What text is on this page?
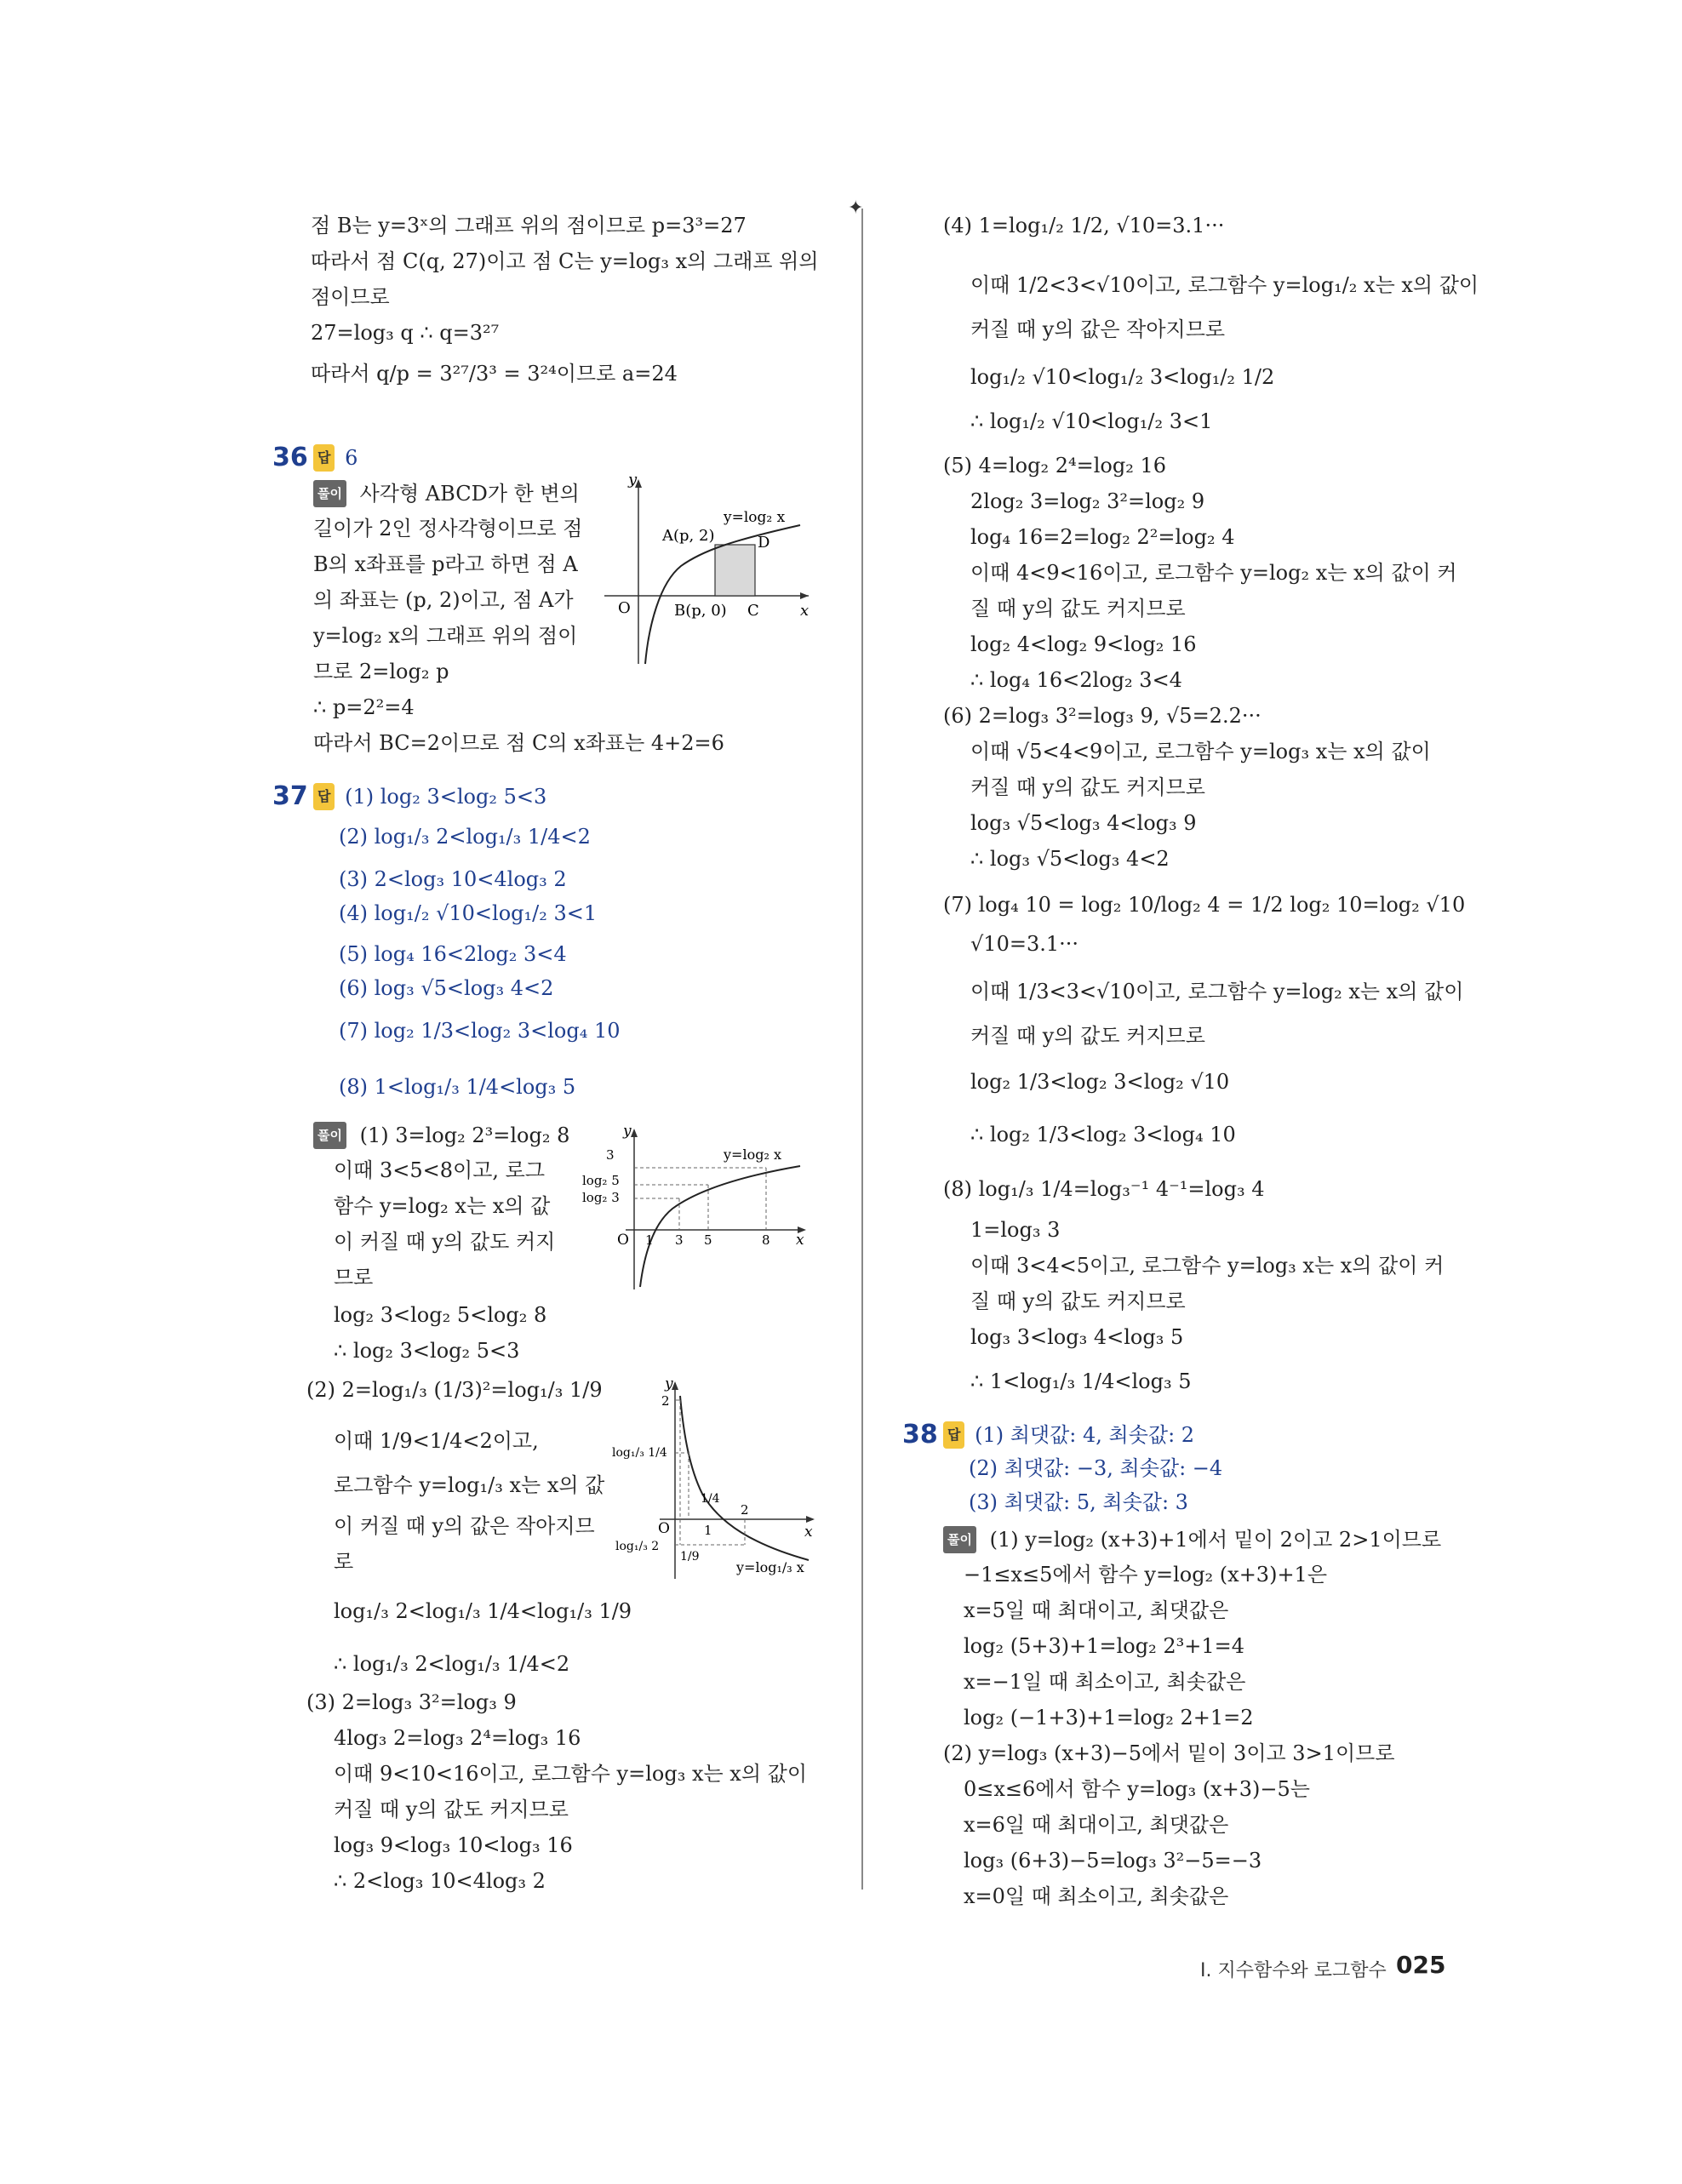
✦
점 B는 y=3ˣ의 그래프 위의 점이므로 p=3³=27
따라서 점 C(q, 27)이고 점 C는 y=log₃ x의 그래프 위의
점이므로
27=log₃ q ∴ q=3²⁷
따라서 q/p = 3²⁷/3³ = 3²⁴이므로 a=24
36 답 6
풀이 사각형 ABCD가 한 변의
길이가 2인 정사각형이므로 점
B의 x좌표를 p라고 하면 점 A
의 좌표는 (p, 2)이고, 점 A가
y=log₂ x의 그래프 위의 점이
므로 2=log₂ p
∴ p=2²=4
따라서 BC=2이므로 점 C의 x좌표는 4+2=6
y
x
O
y=log₂ x
A(p, 2)	D
B(p, 0) C
37 답 (1) log₂ 3<log₂ 5<3
(2) log₁/₃ 2<log₁/₃ 1/4<2
(3) 2<log₃ 10<4log₃ 2
(4) log₁/₂ √10<log₁/₂ 3<1
(5) log₄ 16<2log₂ 3<4
(6) log₃ √5<log₃ 4<2
(7) log₂ 1/3<log₂ 3<log₄ 10
(8) 1<log₁/₃ 1/4<log₃ 5
풀이 (1) 3=log₂ 2³=log₂ 8
이때 3<5<8이고, 로그
함수 y=log₂ x는 x의 값
이 커질 때 y의 값도 커지
므로
log₂ 3<log₂ 5<log₂ 8
∴ log₂ 3<log₂ 5<3
y
x
O
y=log₂ x
3
log₂ 5
log₂ 3
1 3 5	8
(2) 2=log₁/₃ (1/3)²=log₁/₃ 1/9
이때 1/9<1/4<2이고,
로그함수 y=log₁/₃ x는 x의 값
이 커질 때 y의 값은 작아지므
로
log₁/₃ 2<log₁/₃ 1/4<log₁/₃ 1/9
∴ log₁/₃ 2<log₁/₃ 1/4<2
y
x
O
y=log₁/₃ x
2
log₁/₃ 1/4
log₁/₃ 2
1/9
1/4
1
2
(3) 2=log₃ 3²=log₃ 9
4log₃ 2=log₃ 2⁴=log₃ 16
이때 9<10<16이고, 로그함수 y=log₃ x는 x의 값이
커질 때 y의 값도 커지므로
log₃ 9<log₃ 10<log₃ 16
∴ 2<log₃ 10<4log₃ 2
(4) 1=log₁/₂ 1/2, √10=3.1···
이때 1/2<3<√10이고, 로그함수 y=log₁/₂ x는 x의 값이
커질 때 y의 값은 작아지므로
log₁/₂ √10<log₁/₂ 3<log₁/₂ 1/2
∴ log₁/₂ √10<log₁/₂ 3<1
(5) 4=log₂ 2⁴=log₂ 16
2log₂ 3=log₂ 3²=log₂ 9
log₄ 16=2=log₂ 2²=log₂ 4
이때 4<9<16이고, 로그함수 y=log₂ x는 x의 값이 커
질 때 y의 값도 커지므로
log₂ 4<log₂ 9<log₂ 16
∴ log₄ 16<2log₂ 3<4
(6) 2=log₃ 3²=log₃ 9, √5=2.2···
이때 √5<4<9이고, 로그함수 y=log₃ x는 x의 값이
커질 때 y의 값도 커지므로
log₃ √5<log₃ 4<log₃ 9
∴ log₃ √5<log₃ 4<2
(7) log₄ 10 = log₂ 10/log₂ 4 = 1/2 log₂ 10=log₂ √10
√10=3.1···
이때 1/3<3<√10이고, 로그함수 y=log₂ x는 x의 값이
커질 때 y의 값도 커지므로
log₂ 1/3<log₂ 3<log₂ √10
∴ log₂ 1/3<log₂ 3<log₄ 10
(8) log₁/₃ 1/4=log₃⁻¹ 4⁻¹=log₃ 4
1=log₃ 3
이때 3<4<5이고, 로그함수 y=log₃ x는 x의 값이 커
질 때 y의 값도 커지므로
log₃ 3<log₃ 4<log₃ 5
∴ 1<log₁/₃ 1/4<log₃ 5
38 답 (1) 최댓값: 4, 최솟값: 2
(2) 최댓값: −3, 최솟값: −4
(3) 최댓값: 5, 최솟값: 3
풀이 (1) y=log₂ (x+3)+1에서 밑이 2이고 2>1이므로
−1≤x≤5에서 함수 y=log₂ (x+3)+1은
x=5일 때 최대이고, 최댓값은
log₂ (5+3)+1=log₂ 2³+1=4
x=−1일 때 최소이고, 최솟값은
log₂ (−1+3)+1=log₂ 2+1=2
(2) y=log₃ (x+3)−5에서 밑이 3이고 3>1이므로
0≤x≤6에서 함수 y=log₃ (x+3)−5는
x=6일 때 최대이고, 최댓값은
log₃ (6+3)−5=log₃ 3²−5=−3
x=0일 때 최소이고, 최솟값은
Ⅰ. 지수함수와 로그함수 025
